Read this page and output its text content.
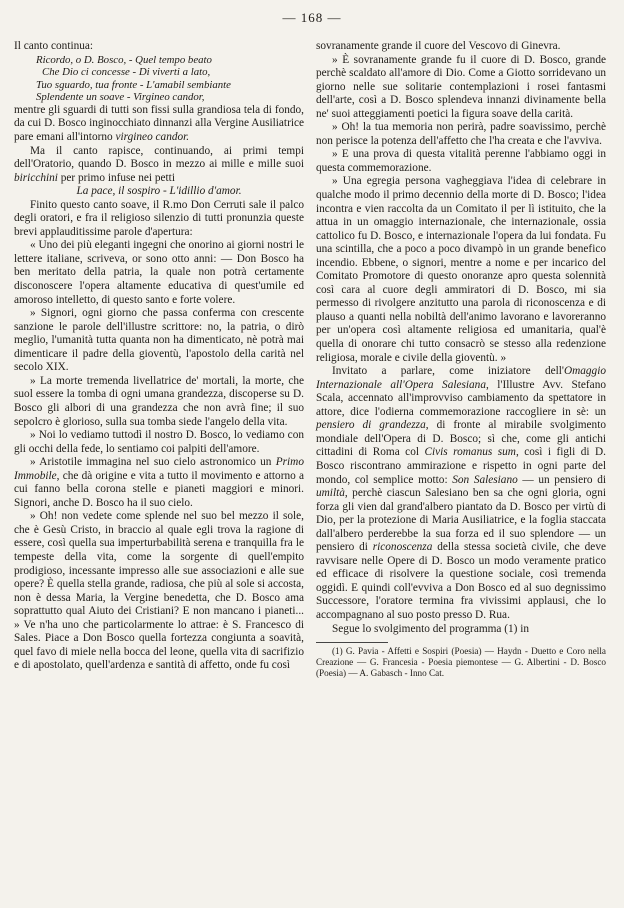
— 168 —

Il canto continua:

Ricordo, o D. Bosco, - Quel tempo beato
Che Dio ci concesse - Di viverti a lato,
Tuo sguardo, tua fronte - L'amabil sembiante
Splendente un soave - Virgineo candor,

mentre gli sguardi di tutti son fissi sulla grandiosa tela di fondo, da cui D. Bosco inginocchiato dinnanzi alla Vergine Ausiliatrice pare emani all'intorno virgineo candor.

Ma il canto rapisce, continuando, ai primi tempi dell'Oratorio, quando D. Bosco in mezzo ai mille e mille suoi biricchini per primo infuse nei petti

La pace, il sospiro - L'idillio d'amor.

Finito questo canto soave, il R.mo Don Cerruti sale il palco degli oratori, e fra il religioso silenzio di tutti pronunzia queste brevi applauditissime parole d'apertura:

« Uno dei più eleganti ingegni che onorino ai giorni nostri le lettere italiane, scriveva, or sono otto anni: — Don Bosco ha ben meritato della patria, la quale non potrà certamente disconoscere l'opera altamente educativa di quest'umile ed amoroso intelletto, di questo santo e forte volere.

» Signori, ogni giorno che passa conferma con crescente sanzione le parole dell'illustre scrittore: no, la patria, o dirò meglio, l'umanità tutta quanta non ha dimenticato, nè potrà mai dimenticare il padre della gioventù, l'apostolo della carità nel secolo XIX.

» La morte tremenda livellatrice de' mortali, la morte, che suol essere la tomba di ogni umana grandezza, discoperse su D. Bosco gli albori di una grandezza che non avrà fine; il suo sepolcro è glorioso, sulla sua tomba siede l'angelo della vita.

» Noi lo vediamo tuttodì il nostro D. Bosco, lo vediamo con gli occhi della fede, lo sentiamo coi palpiti dell'amore.

» Aristotile immagina nel suo cielo astronomico un Primo Immobile, che dà origine e vita a tutto il movimento e attorno a cui fanno bella corona stelle e pianeti maggiori e minori. Signori, anche D. Bosco ha il suo cielo.

» Oh! non vedete come splende nel suo bel mezzo il sole, che è Gesù Cristo, in braccio al quale egli trova la ragione di essere, così quella sua imperturbabilità serena e tranquilla fra le tempeste della vita, come la sorgente di quell'empito prodigioso, incessante impresso alle sue associazioni e alle sue opere? È quella stella grande, radiosa, che più al sole si accosta, non è dessa Maria, la Vergine benedetta, che D. Bosco ama soprattutto qual Aiuto dei Cristiani? E non mancano i pianeti... » Ve n'ha uno che particolarmente lo attrae: è S. Francesco di Sales. Piace a Don Bosco quella fortezza congiunta a soavità, quel favo di miele nella bocca del leone, quella vita di sacrifizio e di apostolato, quell'ardenza e santità di affetto, onde fu così

sovranamente grande il cuore del Vescovo di Ginevra.

» È sovranamente grande fu il cuore di D. Bosco, grande perchè scaldato all'amore di Dio. Come a Giotto sorridevano un giorno nelle sue solitarie contemplazioni i rosei fantasmi dell'arte, così a D. Bosco splendeva innanzi divinamente bella ne' suoi atteggiamenti poetici la figura soave della carità.

» Oh! la tua memoria non perirà, padre soavissimo, perchè non perisce la potenza dell'affetto che l'ha creata e che l'avviva.

» E una prova di questa vitalità perenne l'abbiamo oggi in questa commemorazione.

» Una egregia persona vagheggiava l'idea di celebrare in qualche modo il primo decennio della morte di D. Bosco; l'idea incontra e vien raccolta da un Comitato il per lì istituito, che la attua in un omaggio internazionale, che internazionale, ossia cattolico fu D. Bosco, e internazionale l'opera da lui fondata. Fu una scintilla, che a poco a poco divampò in un grande benefico incendio. Ebbene, o signori, mentre a nome e per incarico del Comitato Promotore di questo onoranze apro questa solennità così cara al cuore degli ammiratori di D. Bosco, mi sia permesso di rivolgere anzitutto una parola di riconoscenza e di plauso a quanti nella nobiltà dell'animo lavorano e lavoreranno per un'opera così altamente religiosa ed umanitaria, qual'è quella di onorare chi tutto consacrò se stesso alla redenzione religiosa, morale e civile della gioventù. »

Invitato a parlare, come iniziatore dell'Omaggio Internazionale all'Opera Salesiana, l'Illustre Avv. Stefano Scala, accennato all'improvviso cambiamento da spettatore in attore, dice l'odierna commemorazione raccogliere in sè: un pensiero di grandezza, di fronte al mirabile svolgimento mondiale dell'Opera di D. Bosco; sì che, come gli antichi cittadini di Roma col Civis romanus sum, così i figli di D. Bosco riscontrano ammirazione e rispetto in ogni parte del mondo, col semplice motto: Son Salesiano — un pensiero di umiltà, perchè ciascun Salesiano ben sa che ogni gloria, ogni forza gli vien dal grand'albero piantato da D. Bosco per virtù di Dio, per la protezione di Maria Ausiliatrice, e la foglia staccata dall'albero perderebbe la sua forza ed il suo splendore — un pensiero di riconoscenza della stessa società civile, che deve ravvisare nelle Opere di D. Bosco un modo veramente pratico ed efficace di risolvere la questione sociale, così tremenda oggidì. E quindi coll'evviva a Don Bosco ed al suo degnissimo Successore, l'oratore termina fra vivissimi applausi, che lo accompagnano al suo posto presso D. Rua.

Segue lo svolgimento del programma (1) in

(1) G. Pavia - Affetti e Sospiri (Poesia) — Haydn - Duetto e Coro nella Creazione — G. Francesia - Poesia piemontese — G. Albertini - D. Bosco (Poesia) — A. Gabasch - Inno Cat.
